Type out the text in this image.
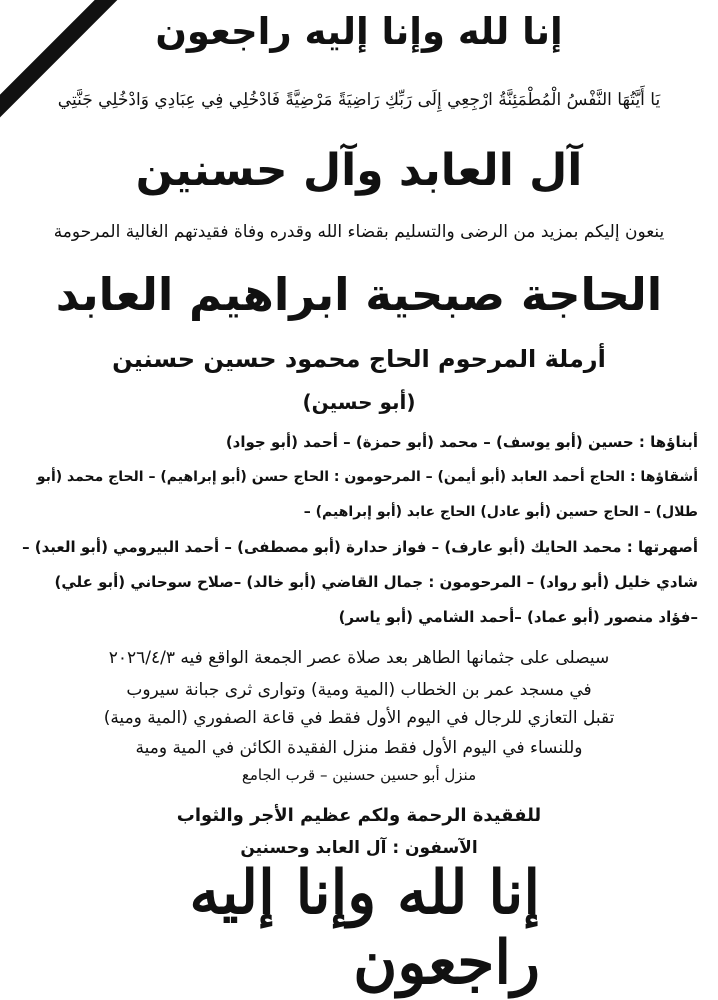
إنا لله وإنا إليه راجعون
يَا أَيَّتُهَا النَّفْسُ الْمُطْمَئِنَّةُ ارْجِعِي إِلَى رَبِّكِ رَاضِيَةً مَرْضِيَّةً فَادْخُلِي فِي عِبَادِي وَادْخُلِي جَنَّتِي
آل العابد وآل حسنين
ينعون إليكم بمزيد من الرضى والتسليم بقضاء الله وقدره وفاة فقيدتهم الغالية المرحومة
الحاجة صبحية ابراهيم العابد
أرملة المرحوم الحاج محمود حسين حسنين
(أبو حسين)
أبناؤها : حسين (أبو يوسف) – محمد (أبو حمزة) – أحمد (أبو جواد)
أشقاؤها : الحاج أحمد العابد (أبو أيمن) – المرحومون : الحاج حسن (أبو إبراهيم) – الحاج محمد (أبو
طلال) – الحاج حسين (أبو عادل) الحاج عابد (أبو إبراهيم) –
أصهرتها : محمد الحايك (أبو عارف) – فواز حدارة (أبو مصطفى) – أحمد البيرومي (أبو العبد) –
شادي خليل (أبو رواد) – المرحومون : جمال القاضي (أبو خالد) –صلاح سوحاني (أبو علي)
–فؤاد منصور (أبو عماد) –أحمد الشامي (أبو ياسر)
سيصلى على جثمانها الطاهر بعد صلاة عصر الجمعة الواقع فيه ٢٠٢٦/٤/٣
في مسجد عمر بن الخطاب (المية ومية) وتوارى ثرى جبانة سيروب
تقبل التعازي للرجال في اليوم الأول فقط في قاعة الصفوري (المية ومية)
وللنساء في اليوم الأول فقط منزل الفقيدة الكائن في المية ومية
منزل أبو حسين حسنين – قرب الجامع
للفقيدة الرحمة ولكم عظيم الأجر والثواب
الآسفون : آل العابد وحسنين
إنا لله وإنا إليه راجعون
